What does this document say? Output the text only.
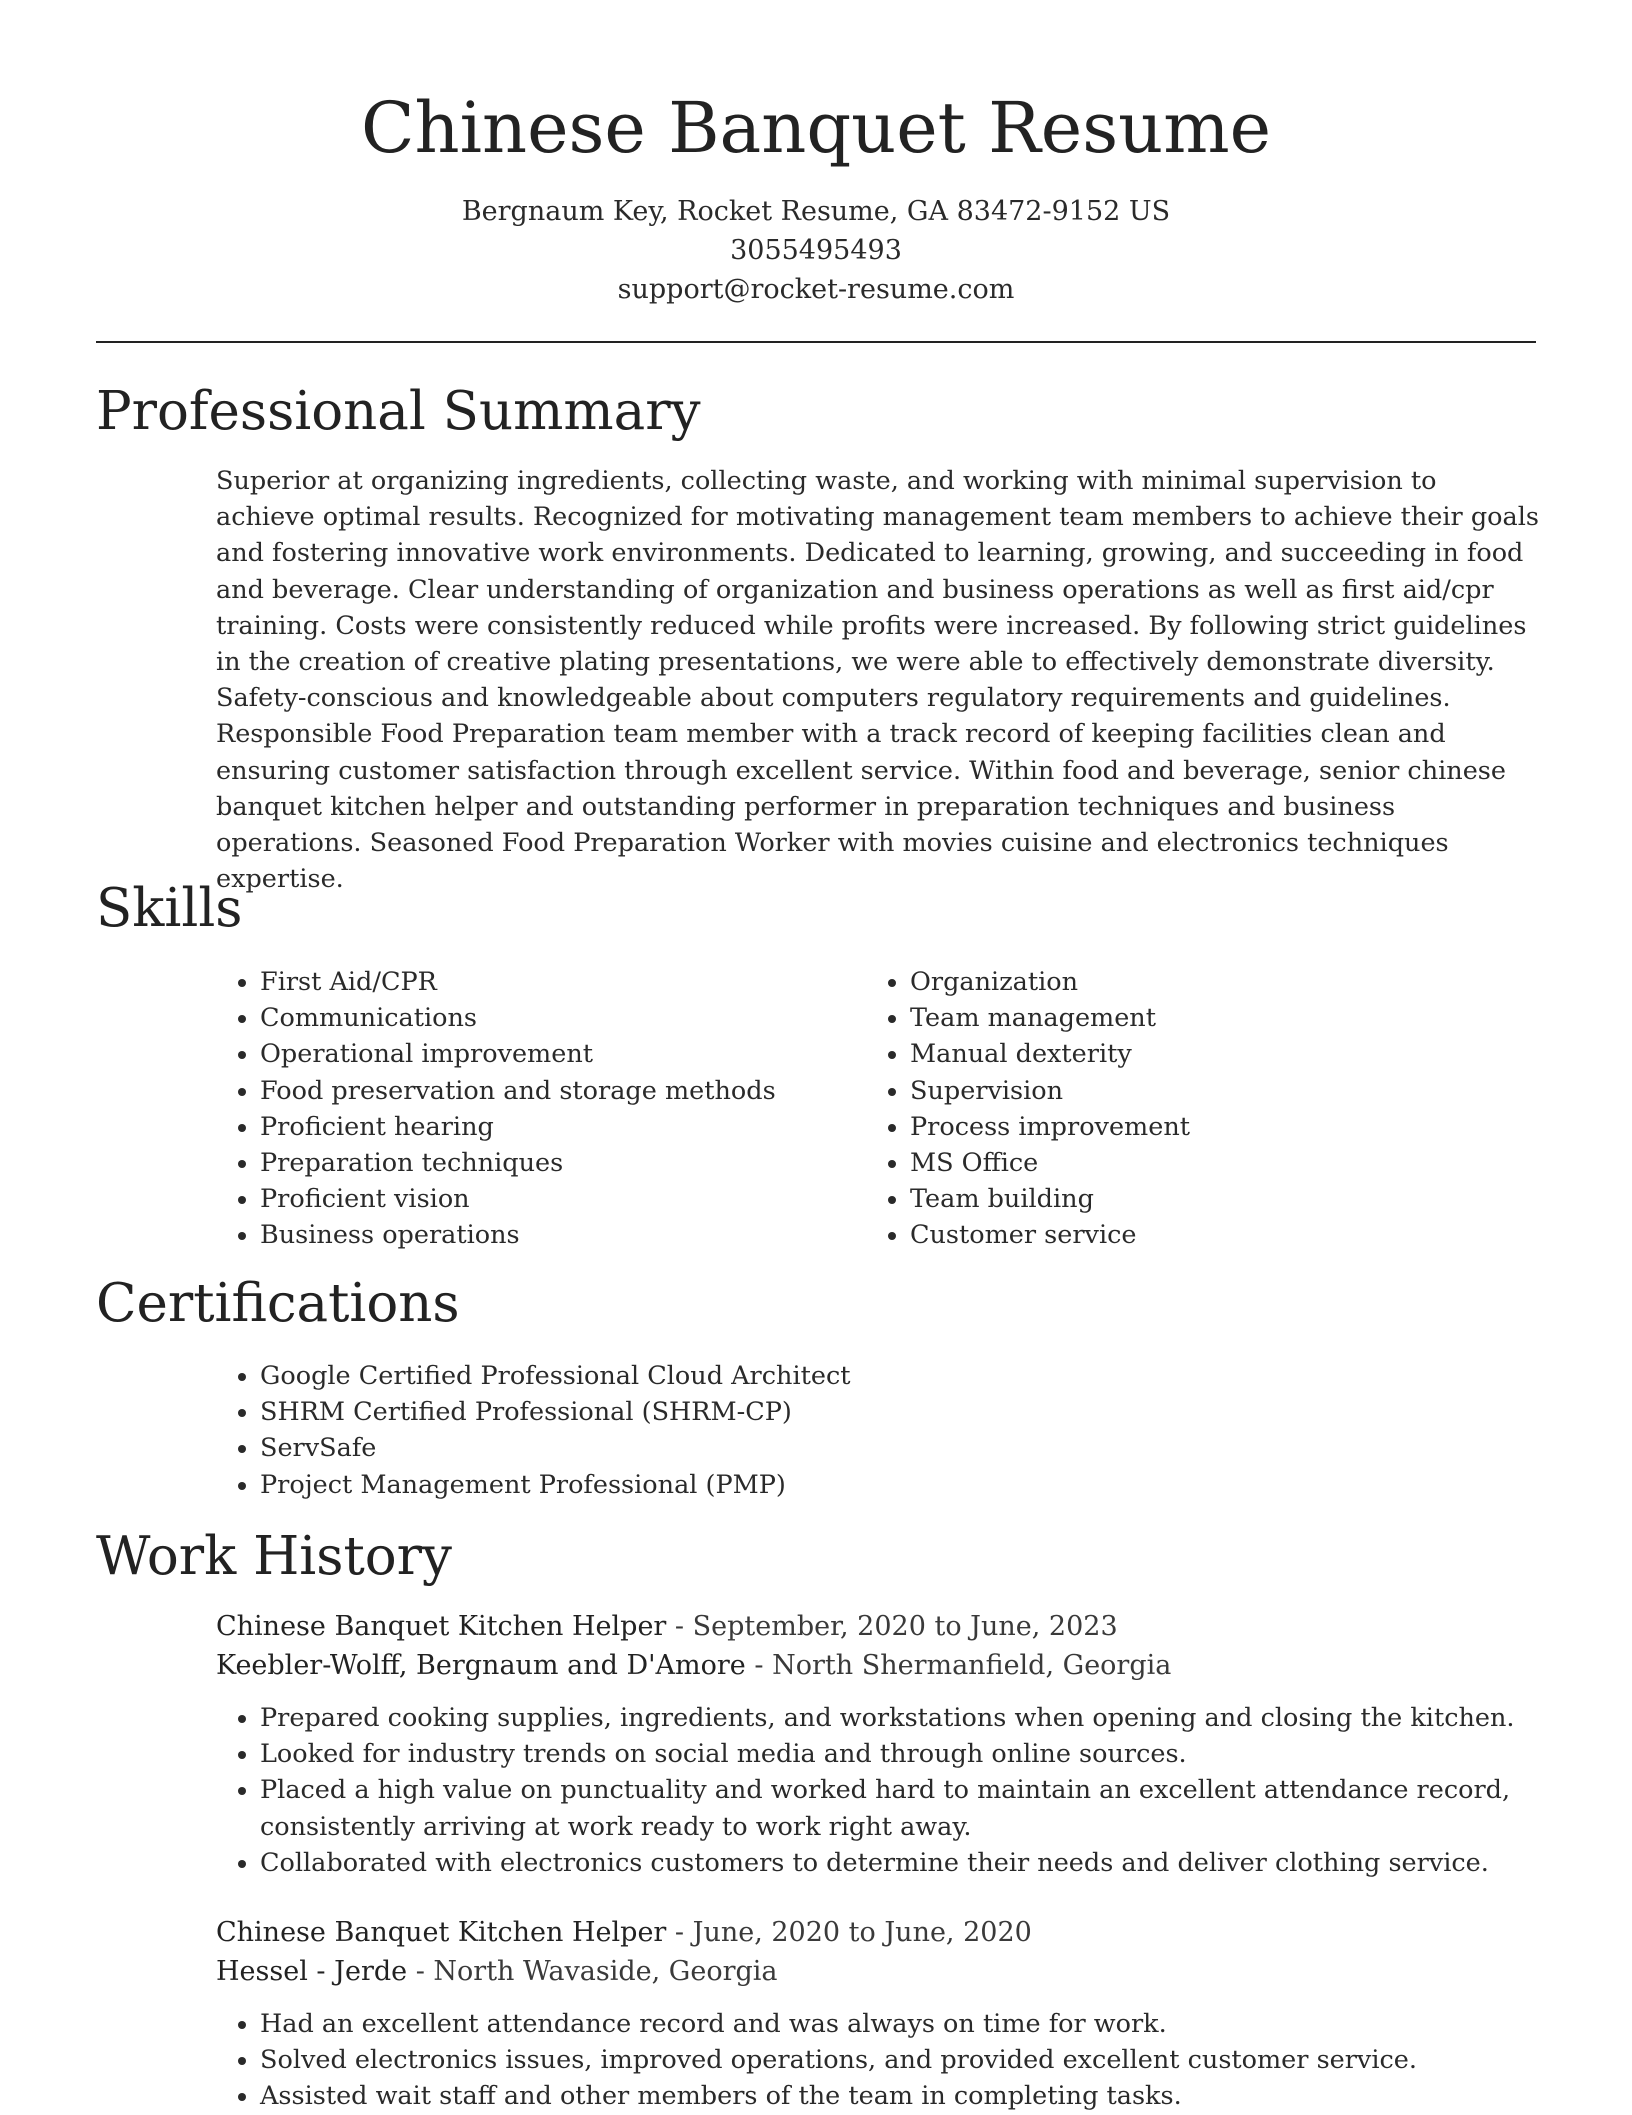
Chinese Banquet Resume
Bergnaum Key, Rocket Resume, GA 83472-9152 US
3055495493
support@rocket-resume.com
Professional Summary

Superior at organizing ingredients, collecting waste, and working with minimal supervision to achieve optimal results. Recognized for motivating management team members to achieve their goals and fostering innovative work environments. Dedicated to learning, growing, and succeeding in food and beverage. Clear understanding of organization and business operations as well as first aid/cpr training. Costs were consistently reduced while profits were increased. By following strict guidelines in the creation of creative plating presentations, we were able to effectively demonstrate diversity. Safety-conscious and knowledgeable about computers regulatory requirements and guidelines. Responsible Food Preparation team member with a track record of keeping facilities clean and ensuring customer satisfaction through excellent service. Within food and beverage, senior chinese banquet kitchen helper and outstanding performer in preparation techniques and business operations. Seasoned Food Preparation Worker with movies cuisine and electronics techniques expertise.

Skills
• First Aid/CPR
• Communications
• Operational improvement
• Food preservation and storage methods
• Proficient hearing
• Preparation techniques
• Proficient vision
• Business operations
• Organization
• Team management
• Manual dexterity
• Supervision
• Process improvement
• MS Office
• Team building
• Customer service
Certifications
• Google Certified Professional Cloud Architect
• SHRM Certified Professional (SHRM-CP)
• ServSafe
• Project Management Professional (PMP)
Work History
Chinese Banquet Kitchen Helper - September, 2020 to June, 2023
Keebler-Wolff, Bergnaum and D'Amore - North Shermanfield, Georgia
• Prepared cooking supplies, ingredients, and workstations when opening and closing the kitchen.
• Looked for industry trends on social media and through online sources.
• Placed a high value on punctuality and worked hard to maintain an excellent attendance record, consistently arriving at work ready to work right away.
• Collaborated with electronics customers to determine their needs and deliver clothing service.
Chinese Banquet Kitchen Helper - June, 2020 to June, 2020
Hessel - Jerde - North Wavaside, Georgia
• Had an excellent attendance record and was always on time for work.
• Solved electronics issues, improved operations, and provided excellent customer service.
• Assisted wait staff and other members of the team in completing tasks.
